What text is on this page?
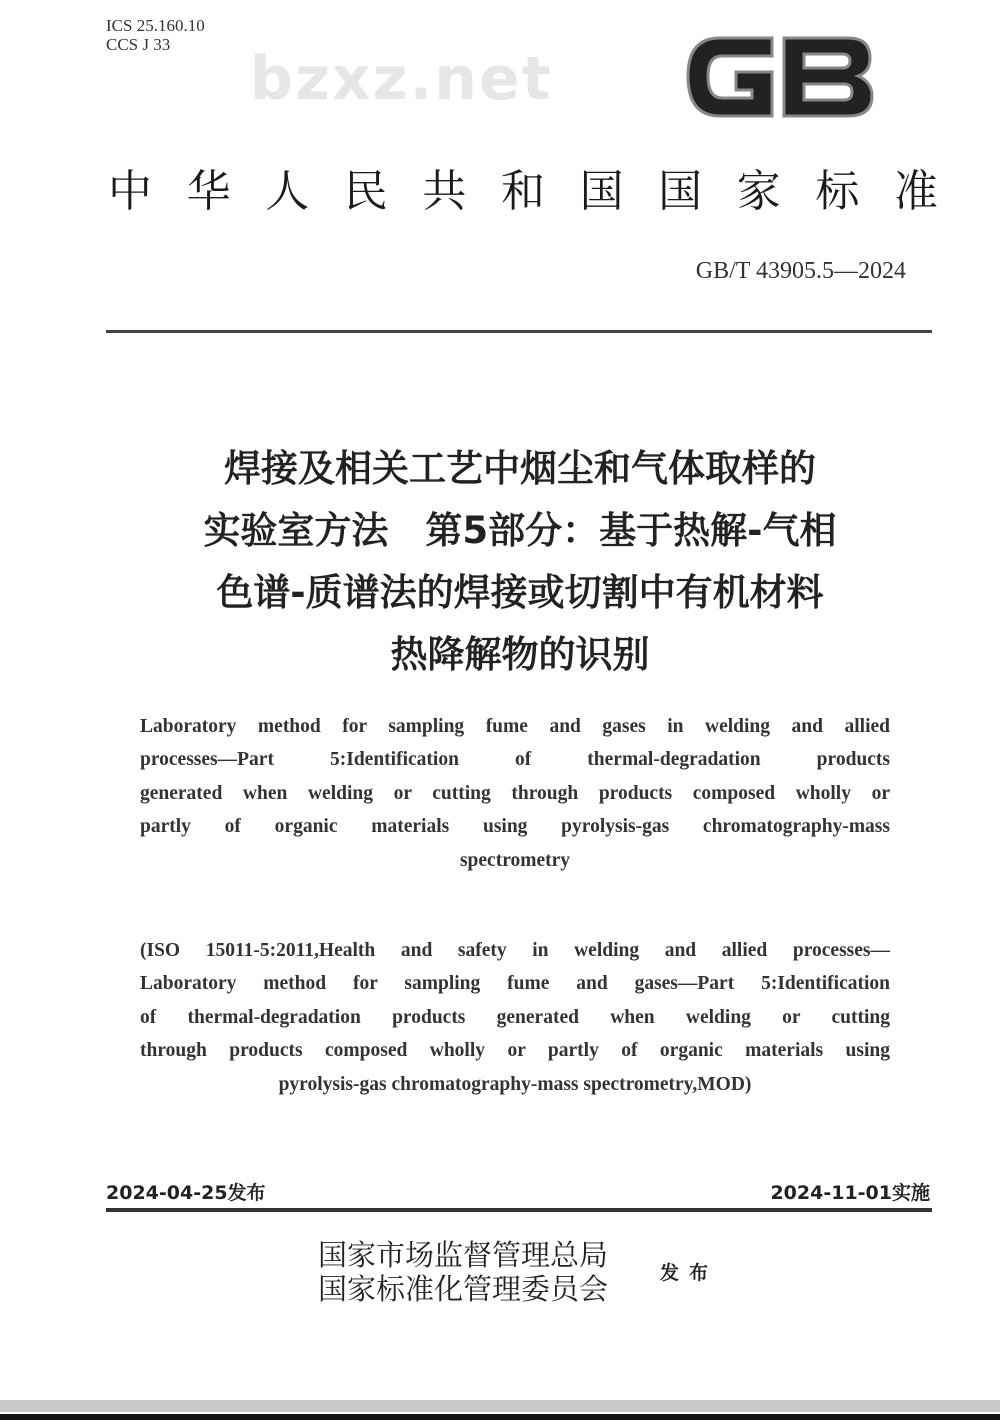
ICS 25.160.10
CCS J 33	bzxz.net
中 华 人 民 共 和 国 国 家 标 准
GB/T 43905.5—2024
焊接及相关工艺中烟尘和气体取样的
实验室方法　第5部分：基于热解-气相
色谱-质谱法的焊接或切割中有机材料
热降解物的识别
Laboratory method for sampling fume and gases in welding and allied
processes—Part 5:Identification of thermal-degradation products
generated when welding or cutting through products composed wholly or
partly of organic materials using pyrolysis-gas chromatography-mass
spectrometry
(ISO 15011-5:2011,Health and safety in welding and allied processes—
Laboratory method for sampling fume and gases—Part 5:Identification
of thermal-degradation products generated when welding or cutting
through products composed wholly or partly of organic materials using
pyrolysis-gas chromatography-mass spectrometry,MOD)
2024-04-25发布	2024-11-01实施
国家市场监督管理总局
国家标准化管理委员会	发布
